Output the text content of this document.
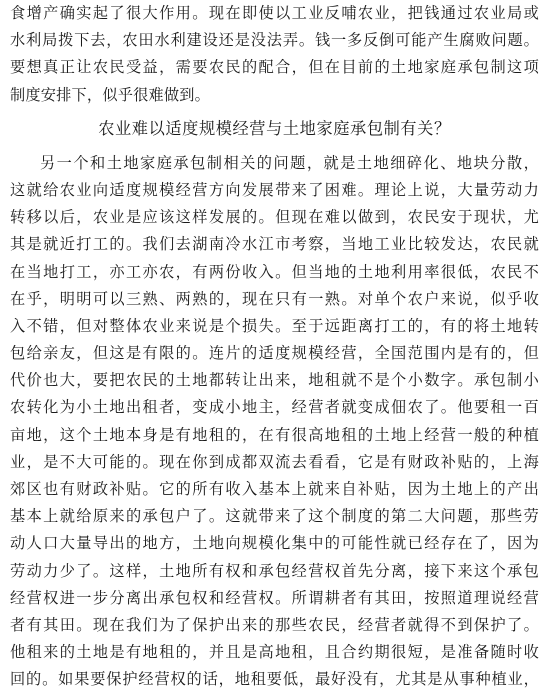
食增产确实起了很大作用。现在即使以工业反哺农业，把钱通过农业局或
水利局拨下去，农田水利建设还是没法弄。钱一多反倒可能产生腐败问题。
要想真正让农民受益，需要农民的配合，但在目前的土地家庭承包制这项
制度安排下，似乎很难做到。
农业难以适度规模经营与土地家庭承包制有关？
另一个和土地家庭承包制相关的问题，就是土地细碎化、地块分散，
这就给农业向适度规模经营方向发展带来了困难。理论上说，大量劳动力
转移以后，农业是应该这样发展的。但现在难以做到，农民安于现状，尤
其是就近打工的。我们去湖南冷水江市考察，当地工业比较发达，农民就
在当地打工，亦工亦农，有两份收入。但当地的土地利用率很低，农民不
在乎，明明可以三熟、两熟的，现在只有一熟。对单个农户来说，似乎收
入不错，但对整体农业来说是个损失。至于远距离打工的，有的将土地转
包给亲友，但这是有限的。连片的适度规模经营，全国范围内是有的，但
代价也大，要把农民的土地都转让出来，地租就不是个小数字。承包制小
农转化为小土地出租者，变成小地主，经营者就变成佃农了。他要租一百
亩地，这个土地本身是有地租的，在有很高地租的土地上经营一般的种植
业，是不大可能的。现在你到成都双流去看看，它是有财政补贴的，上海
郊区也有财政补贴。它的所有收入基本上就来自补贴，因为土地上的产出
基本上就给原来的承包户了。这就带来了这个制度的第二大问题，那些劳
动人口大量导出的地方，土地向规模化集中的可能性就已经存在了，因为
劳动力少了。这样，土地所有权和承包经营权首先分离，接下来这个承包
经营权进一步分离出承包权和经营权。所谓耕者有其田，按照道理说经营
者有其田。现在我们为了保护出来的那些农民，经营者就得不到保护了。
他租来的土地是有地租的，并且是高地租，且合约期很短，是准备随时收
回的。如果要保护经营权的话，地租要低，最好没有，尤其是从事种植业，
